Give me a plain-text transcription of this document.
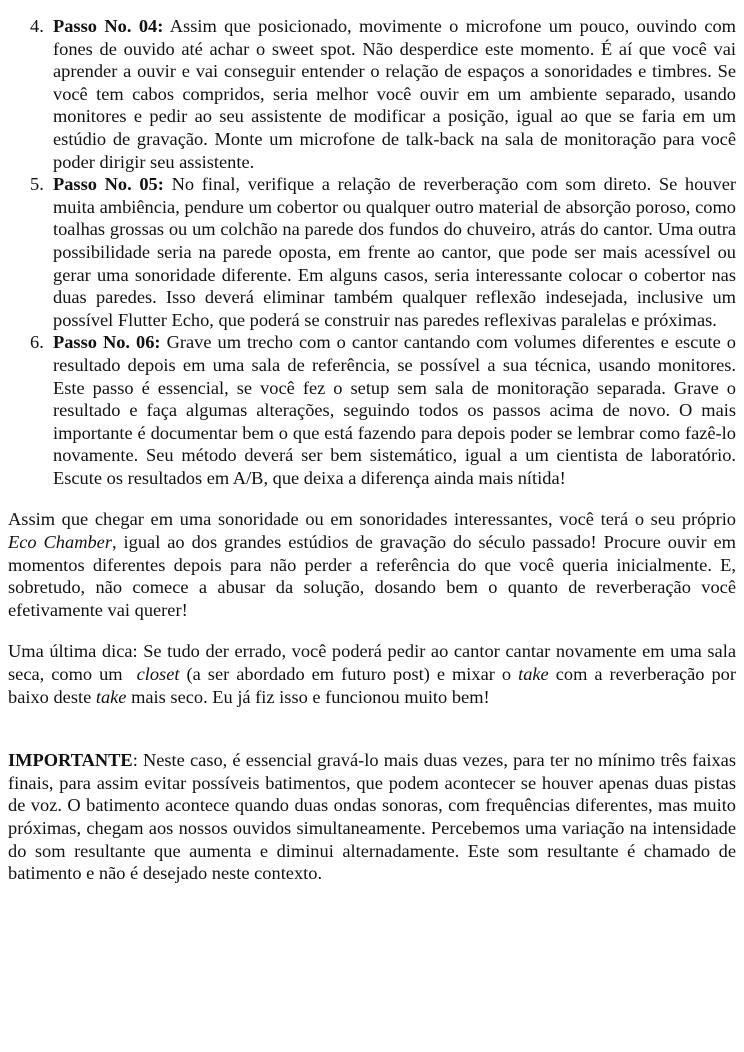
4. Passo No. 04: Assim que posicionado, movimente o microfone um pouco, ouvindo com fones de ouvido até achar o sweet spot. Não desperdice este momento. É aí que você vai aprender a ouvir e vai conseguir entender o relação de espaços a sonoridades e timbres. Se você tem cabos compridos, seria melhor você ouvir em um ambiente separado, usando monitores e pedir ao seu assistente de modificar a posição, igual ao que se faria em um estúdio de gravação. Monte um microfone de talk-back na sala de monitoração para você poder dirigir seu assistente.
5. Passo No. 05: No final, verifique a relação de reverberação com som direto. Se houver muita ambiência, pendure um cobertor ou qualquer outro material de absorção poroso, como toalhas grossas ou um colchão na parede dos fundos do chuveiro, atrás do cantor. Uma outra possibilidade seria na parede oposta, em frente ao cantor, que pode ser mais acessível ou gerar uma sonoridade diferente. Em alguns casos, seria interessante colocar o cobertor nas duas paredes. Isso deverá eliminar também qualquer reflexão indesejada, inclusive um possível Flutter Echo, que poderá se construir nas paredes reflexivas paralelas e próximas.
6. Passo No. 06: Grave um trecho com o cantor cantando com volumes diferentes e escute o resultado depois em uma sala de referência, se possível a sua técnica, usando monitores. Este passo é essencial, se você fez o setup sem sala de monitoração separada. Grave o resultado e faça algumas alterações, seguindo todos os passos acima de novo. O mais importante é documentar bem o que está fazendo para depois poder se lembrar como fazê-lo novamente. Seu método deverá ser bem sistemático, igual a um cientista de laboratório. Escute os resultados em A/B, que deixa a diferença ainda mais nítida!

Assim que chegar em uma sonoridade ou em sonoridades interessantes, você terá o seu próprio Eco Chamber, igual ao dos grandes estúdios de gravação do século passado! Procure ouvir em momentos diferentes depois para não perder a referência do que você queria inicialmente. E, sobretudo, não comece a abusar da solução, dosando bem o quanto de reverberação você efetivamente vai querer!

Uma última dica: Se tudo der errado, você poderá pedir ao cantor cantar novamente em uma sala seca, como um  closet (a ser abordado em futuro post) e mixar o take com a reverberação por baixo deste take mais seco. Eu já fiz isso e funcionou muito bem!

IMPORTANTE: Neste caso, é essencial gravá-lo mais duas vezes, para ter no mínimo três faixas finais, para assim evitar possíveis batimentos, que podem acontecer se houver apenas duas pistas de voz. O batimento acontece quando duas ondas sonoras, com frequências diferentes, mas muito próximas, chegam aos nossos ouvidos simultaneamente. Percebemos uma variação na intensidade do som resultante que aumenta e diminui alternadamente. Este som resultante é chamado de batimento e não é desejado neste contexto.
